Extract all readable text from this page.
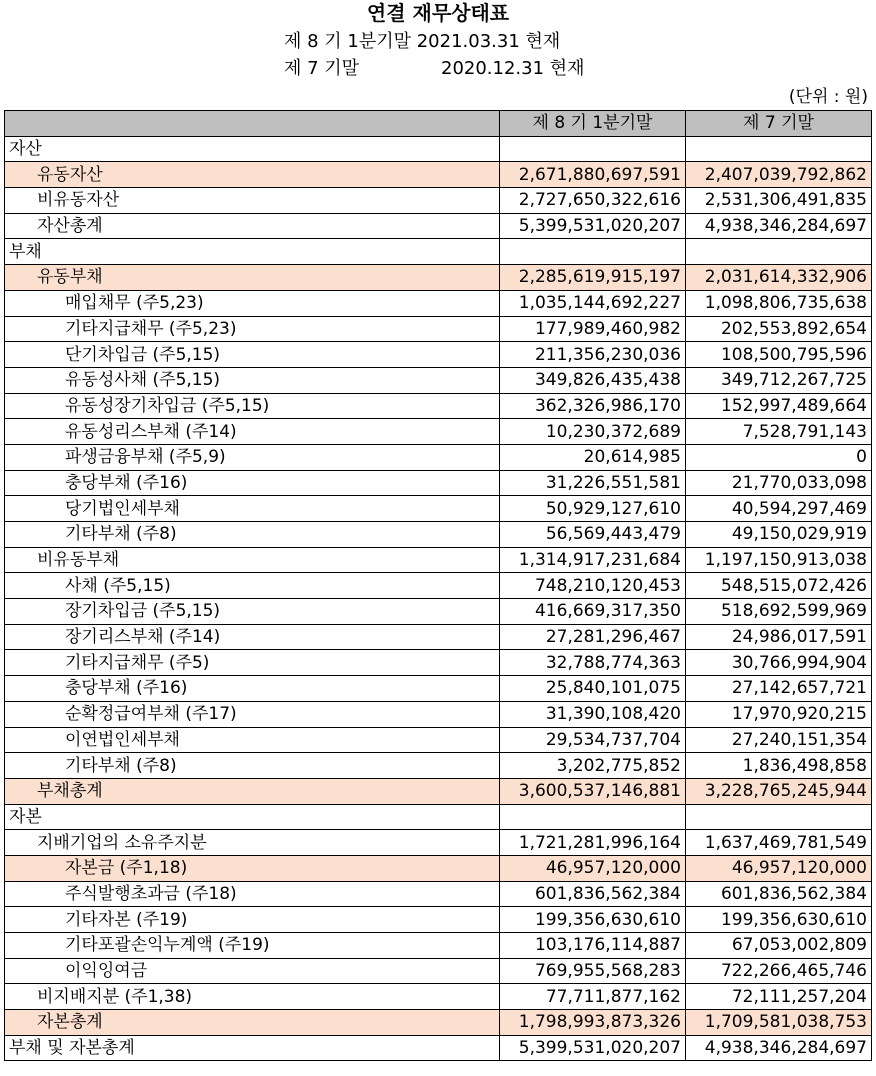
연결 재무상태표
제 8 기 1분기말 2021.03.31 현재
제 7 기말	2020.12.31 현재
(단위 : 원)
	제 8 기 1분기말	제 7 기말
자산		
유동자산	2,671,880,697,591	2,407,039,792,862
비유동자산	2,727,650,322,616	2,531,306,491,835
자산총계	5,399,531,020,207	4,938,346,284,697
부채		
유동부채	2,285,619,915,197	2,031,614,332,906
매입채무 (주5,23)	1,035,144,692,227	1,098,806,735,638
기타지급채무 (주5,23)	177,989,460,982	202,553,892,654
단기차입금 (주5,15)	211,356,230,036	108,500,795,596
유동성사채 (주5,15)	349,826,435,438	349,712,267,725
유동성장기차입금 (주5,15)	362,326,986,170	152,997,489,664
유동성리스부채 (주14)	10,230,372,689	7,528,791,143
파생금융부채 (주5,9)	20,614,985	0
충당부채 (주16)	31,226,551,581	21,770,033,098
당기법인세부채	50,929,127,610	40,594,297,469
기타부채 (주8)	56,569,443,479	49,150,029,919
비유동부채	1,314,917,231,684	1,197,150,913,038
사채 (주5,15)	748,210,120,453	548,515,072,426
장기차입금 (주5,15)	416,669,317,350	518,692,599,969
장기리스부채 (주14)	27,281,296,467	24,986,017,591
기타지급채무 (주5)	32,788,774,363	30,766,994,904
충당부채 (주16)	25,840,101,075	27,142,657,721
순확정급여부채 (주17)	31,390,108,420	17,970,920,215
이연법인세부채	29,534,737,704	27,240,151,354
기타부채 (주8)	3,202,775,852	1,836,498,858
부채총계	3,600,537,146,881	3,228,765,245,944
자본		
지배기업의 소유주지분	1,721,281,996,164	1,637,469,781,549
자본금 (주1,18)	46,957,120,000	46,957,120,000
주식발행초과금 (주18)	601,836,562,384	601,836,562,384
기타자본 (주19)	199,356,630,610	199,356,630,610
기타포괄손익누계액 (주19)	103,176,114,887	67,053,002,809
이익잉여금	769,955,568,283	722,266,465,746
비지배지분 (주1,38)	77,711,877,162	72,111,257,204
자본총계	1,798,993,873,326	1,709,581,038,753
부채 및 자본총계	5,399,531,020,207	4,938,346,284,697
